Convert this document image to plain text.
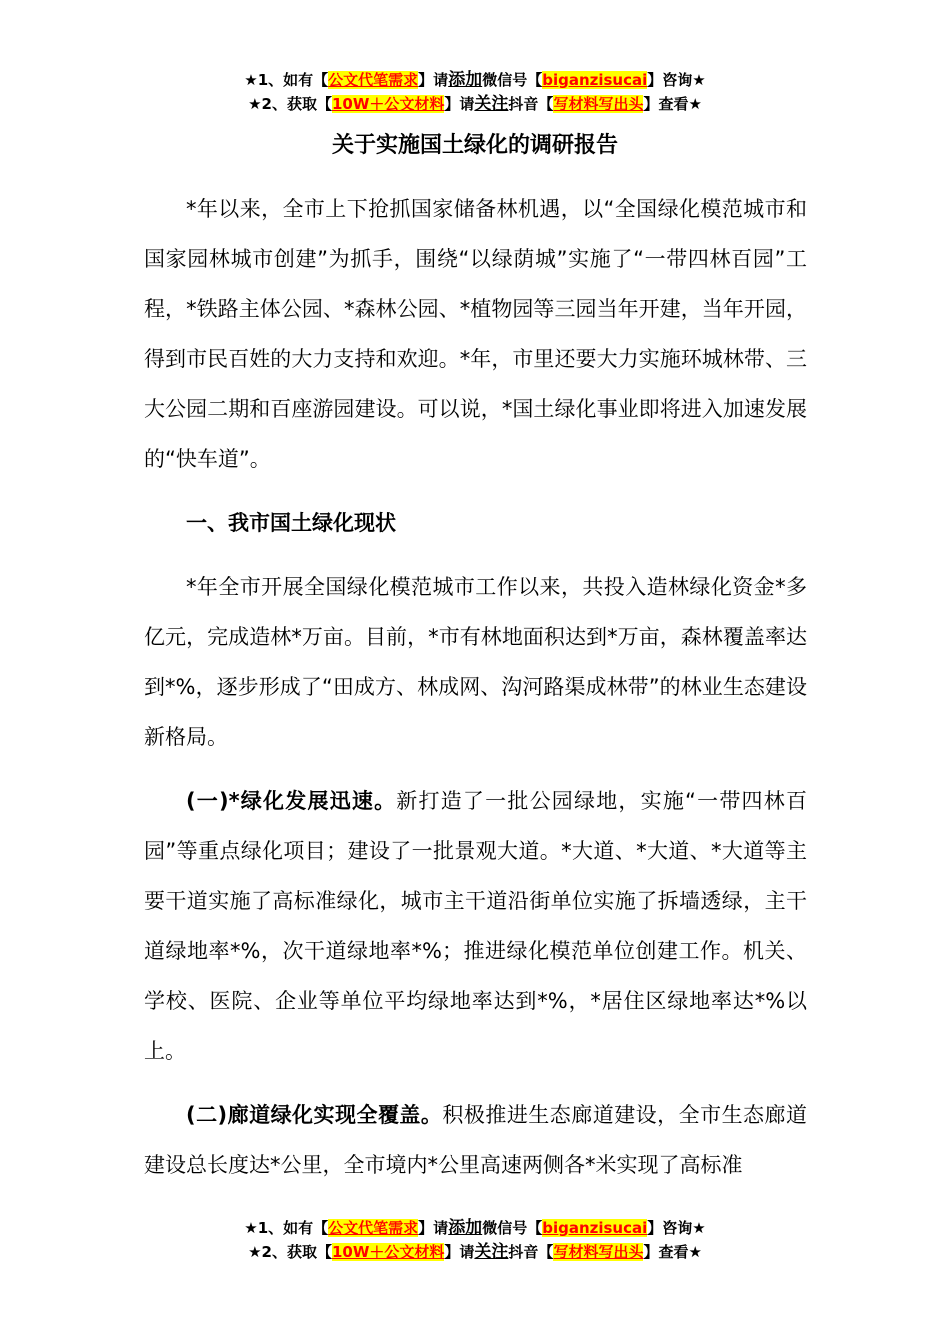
★1、如有【公文代笔需求】请添加微信号【biganzisucai】咨询★
★2、获取【10W＋公文材料】请关注抖音【写材料写出头】查看★
关于实施国土绿化的调研报告

*年以来，全市上下抢抓国家储备林机遇，以“全国绿化模范城市和国家园林城市创建”为抓手，围绕“以绿荫城”实施了“一带四林百园”工程，*铁路主体公园、*森林公园、*植物园等三园当年开建，当年开园，得到市民百姓的大力支持和欢迎。*年，市里还要大力实施环城林带、三大公园二期和百座游园建设。可以说，*国土绿化事业即将进入加速发展的“快车道”。

一、我市国土绿化现状

*年全市开展全国绿化模范城市工作以来，共投入造林绿化资金*多亿元，完成造林*万亩。目前，*市有林地面积达到*万亩，森林覆盖率达到*%，逐步形成了“田成方、林成网、沟河路渠成林带”的林业生态建设新格局。

(一)*绿化发展迅速。新打造了一批公园绿地，实施“一带四林百园”等重点绿化项目；建设了一批景观大道。*大道、*大道、*大道等主要干道实施了高标准绿化，城市主干道沿街单位实施了拆墙透绿，主干道绿地率*%，次干道绿地率*%；推进绿化模范单位创建工作。机关、学校、医院、企业等单位平均绿地率达到*%，*居住区绿地率达*%以上。

(二)廊道绿化实现全覆盖。积极推进生态廊道建设，全市生态廊道建设总长度达*公里，全市境内*公里高速两侧各*米实现了高标准

★1、如有【公文代笔需求】请添加微信号【biganzisucai】咨询★
★2、获取【10W＋公文材料】请关注抖音【写材料写出头】查看★
